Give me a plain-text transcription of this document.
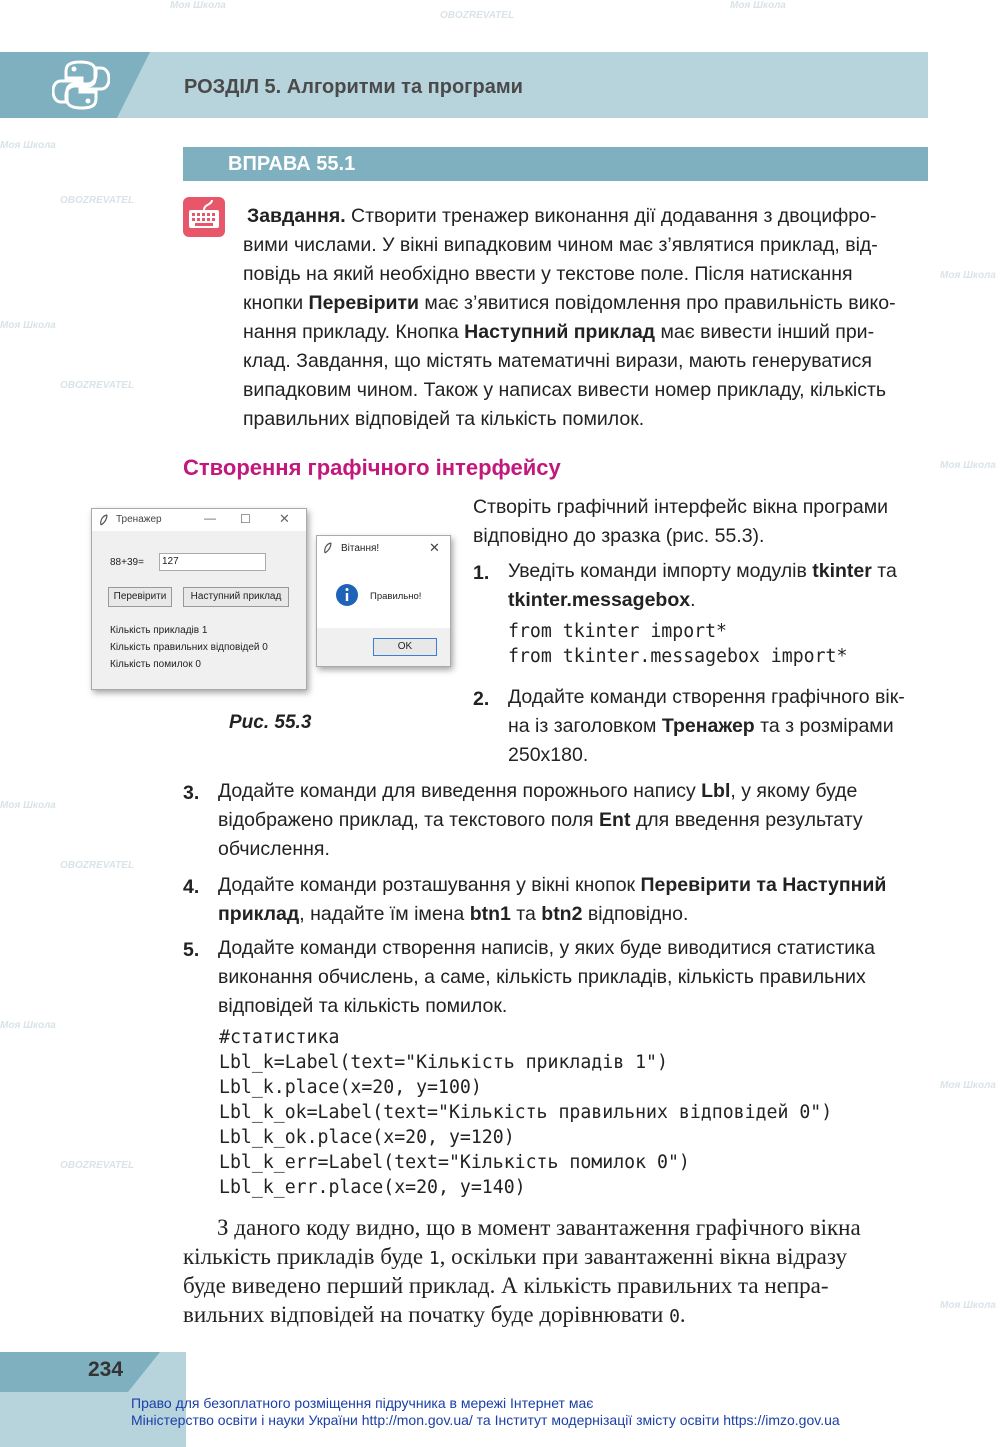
Моя Школа
OBOZREVATEL
Моя Школа
Моя Школа
OBOZREVATEL
Моя Школа
OBOZREVATEL
Моя Школа
Моя Школа
Моя Школа
OBOZREVATEL
Моя Школа
OBOZREVATEL
Моя Школа
Моя Школа
РОЗДІЛ 5. Алгоритми та програми
ВПРАВА 55.1
Завдання. Створити тренажер виконання дії додавання з двоцифро-
вими числами. У вікні випадковим чином має з’являтися приклад, від-
повідь на який необхідно ввести у текстове поле. Після натискання
кнопки Перевірити має з’явитися повідомлення про правильність вико-
нання прикладу. Кнопка Наступний приклад має вивести інший при-
клад. Завдання, що містять математичні вирази, мають генеруватися
випадковим чином. Також у написах вивести номер прикладу, кількість
правильних відповідей та кількість помилок.
Створення графічного інтерфейсу
Тренажер	— ☐ ✕
88+39= 127
Перевірити	Наступний приклад
Кількість прикладів 1
Кількість правильних відповідей 0
Кількість помилок 0
Вітання!	✕
Правильно!
OK
Рис. 55.3
Створіть графічний інтерфейс вікна програми
відповідно до зразка (рис. 55.3).
1. Уведіть команди імпорту модулів tkinter та
tkinter.messagebox.
from tkinter import*
from tkinter.messagebox import*
2. Додайте команди створення графічного вік-
на із заголовком Тренажер та з розмірами
250x180.
3. Додайте команди для виведення порожнього напису Lbl, у якому буде
відображено приклад, та текстового поля Ent для введення результату
обчислення.
4. Додайте команди розташування у вікні кнопок Перевірити та Наступний
приклад, надайте їм імена btn1 та btn2 відповідно.
5. Додайте команди створення написів, у яких буде виводитися статистика
виконання обчислень, а саме, кількість прикладів, кількість правильних
відповідей та кількість помилок.
#статистика
Lbl_k=Label(text="Кількість прикладів 1")
Lbl_k.place(x=20, y=100)
Lbl_k_ok=Label(text="Кількість правильних відповідей 0")
Lbl_k_ok.place(x=20, y=120)
Lbl_k_err=Label(text="Кількість помилок 0")
Lbl_k_err.place(x=20, y=140)
З даного коду видно, що в момент завантаження графічного вікна
кількість прикладів буде 1, оскільки при завантаженні вікна відразу
буде виведено перший приклад. А кількість правильних та непра-
вильних відповідей на початку буде дорівнювати 0.
234
Право для безоплатного розміщення підручника в мережі Інтернет має
Міністерство освіти і науки України http://mon.gov.ua/ та Інститут модернізації змісту освіти https://imzo.gov.ua
